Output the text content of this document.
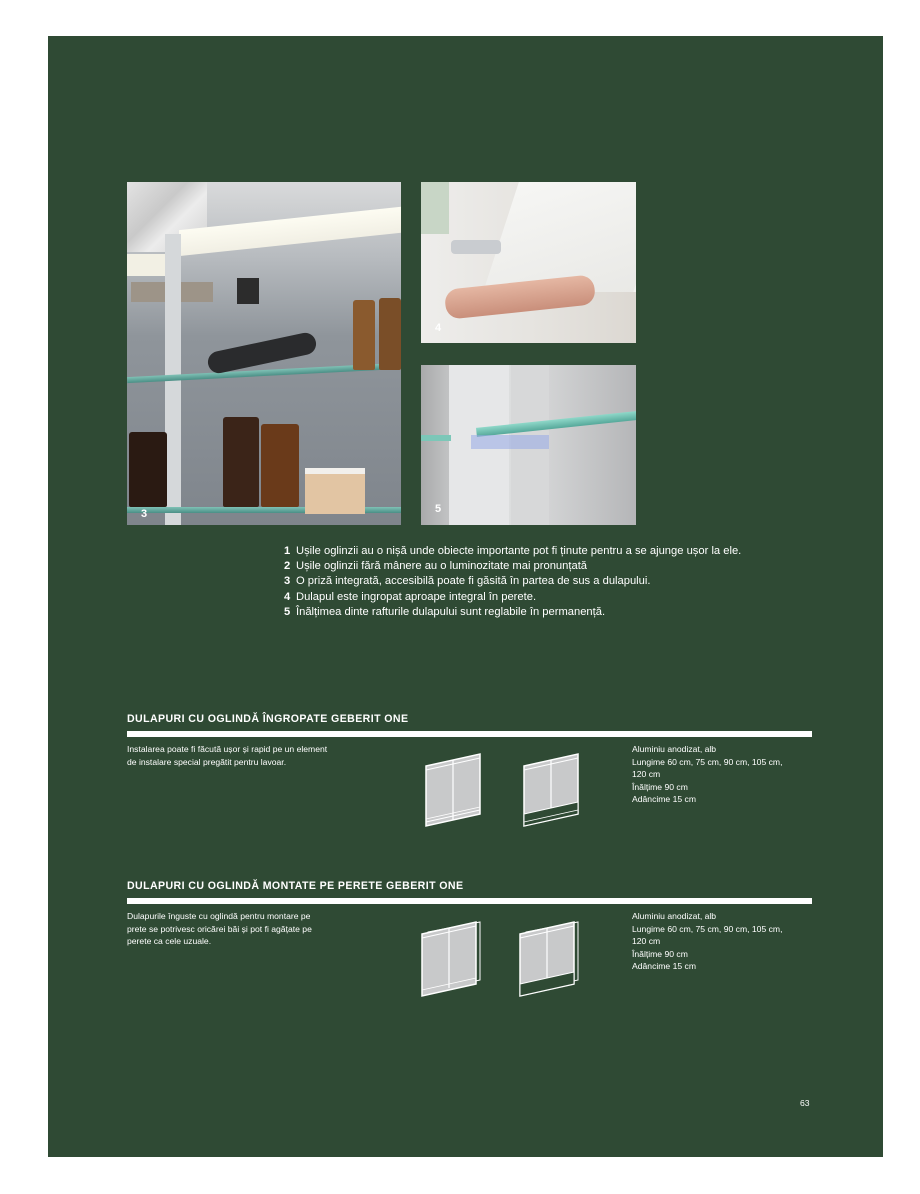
3
4
5
1 Ușile oglinzii au o nișă unde obiecte importante pot fi ținute pentru a se ajunge ușor la ele.
2 Ușile oglinzii fără mânere au o luminozitate mai pronunțată
3 O priză integrată, accesibilă poate fi găsită în partea de sus a dulapului.
4 Dulapul este ingropat aproape integral în perete.
5 Înălțimea dinte rafturile dulapului sunt reglabile în permanență.
DULAPURI CU OGLINDĂ ÎNGROPATE GEBERIT ONE
Instalarea poate fi făcută ușor și rapid pe un element
de instalare special pregătit pentru lavoar.
Aluminiu anodizat, alb
Lungime 60 cm, 75 cm, 90 cm, 105 cm,
120 cm
Înălțime 90 cm
Adâncime 15 cm
DULAPURI CU OGLINDĂ MONTATE PE PERETE GEBERIT ONE
Dulapurile înguste cu oglindă pentru montare pe
prete se potrivesc oricărei băi și pot fi agățate pe
perete ca cele uzuale.
Aluminiu anodizat, alb
Lungime 60 cm, 75 cm, 90 cm, 105 cm,
120 cm
Înălțime 90 cm
Adâncime 15 cm
63
